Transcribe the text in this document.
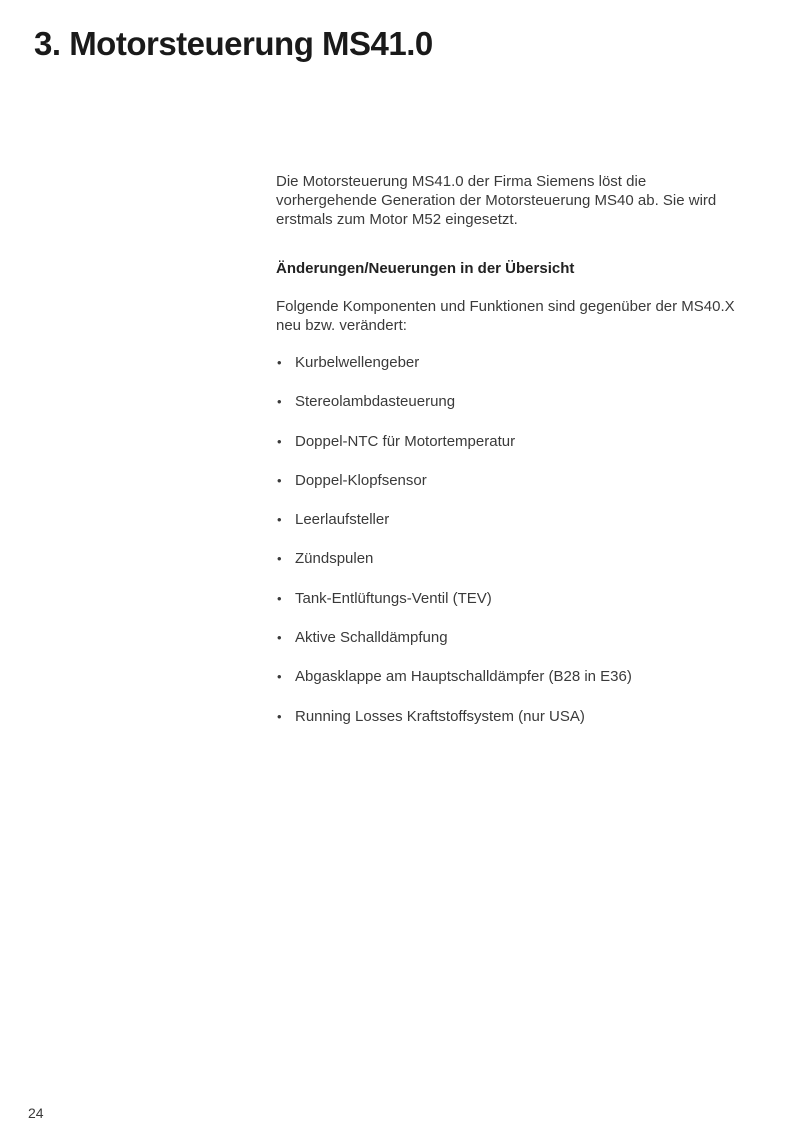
3. Motorsteuerung MS41.0

Die Motorsteuerung MS41.0 der Firma Siemens löst die vorhergehende Generation der Motorsteuerung MS40 ab. Sie wird erstmals zum Motor M52 eingesetzt.

Änderungen/Neuerungen in der Übersicht

Folgende Komponenten und Funktionen sind gegenüber der MS40.X neu bzw. verändert:

• Kurbelwellengeber
• Stereolambdasteuerung
• Doppel-NTC für Motortemperatur
• Doppel-Klopfsensor
• Leerlaufsteller
• Zündspulen
• Tank-Entlüftungs-Ventil (TEV)
• Aktive Schalldämpfung
• Abgasklappe am Hauptschalldämpfer (B28 in E36)
• Running Losses Kraftstoffsystem (nur USA)
24
